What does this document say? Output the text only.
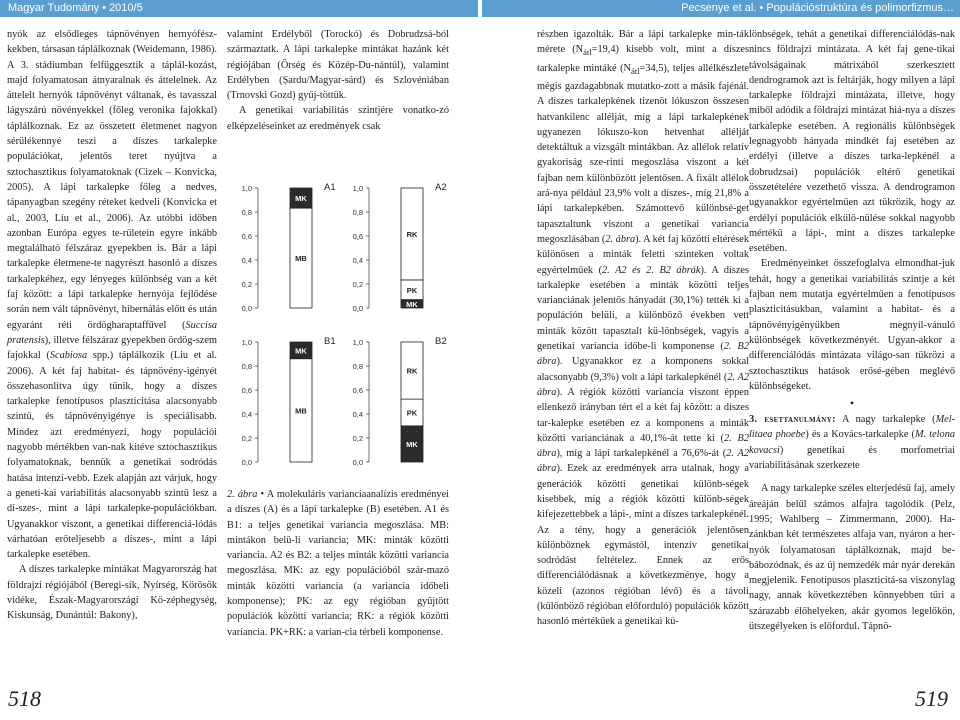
Magyar Tudomány • 2010/5	Pecsenye et al. • Populációstruktúra és polimorfizmus…

nyók az elsődleges tápnövényen hernyófész-kekben, társasan táplálkoznak (Weidemann, 1986). A 3. stádiumban felfüggesztik a táplál-kozást, majd folyamatosan átnyaralnak és áttelelnek. Az áttelelt hernyók tápnövényt váltanak, és tavasszal lágyszárú növényekkel (főleg veronika fajokkal) táplálkoznak. Ez az összetett életmenet nagyon sérülékennyé teszi a díszes tarkalepke populációkat, jelentős teret nyújtva a sztochasztikus folyamatoknak (Cizek – Konvicka, 2005). A lápi tarkalepke főleg a nedves, tápanyagban szegény réteket kedveli (Konvicka et al., 2003, Liu et al., 2006). Az utóbbi időben azonban Európa egyes te-rületein egyre inkább megtalálható félszáraz gyepekben is. Bár a lápi tarkalepke életmene-te nagyrészt hasonló a díszes tarkalepkéhez, egy lényeges különbség van a két faj között: a lápi tarkalepke hernyója fejlődése során nem vált tápnövényt, hibernálás előtt és után egyaránt réti ördögharaptaffűvel (Succisa pratensis), illetve félszáraz gyepekben ördög-szem fajokkal (Scabiosa spp.) táplálkozik (Liu et al. 2006). A két faj habitat- és tápnövény-igényét összehasonlítva úgy tűnik, hogy a díszes tarkalepke fenotípusos plaszticitása alacsonyabb szintű, és tápnövényigénye is speciálisabb. Mindez azt eredményezi, hogy populációi nagyobb mértékben van-nak kitéve sztochasztikus folyamatoknak, bennük a genetikai sodródás hatása intenzí-vebb. Ezek alapján azt várjuk, hogy a geneti-kai variabilitás alacsonyabb szintű lesz a dí-szes-, mint a lápi tarkalepke-populációkban. Ugyanakkor viszont, a genetikai differenciá-lódás várhatóan erőteljesebb a díszes-, mint a lápi tarkalepke esetében.

A díszes tarkalepke mintákat Magyarország hat földrajzi régiójából (Beregi-sík, Nyírség, Körösök vidéke, Észak-Magyarországi Kö-zéphegység, Kiskunság, Dunántúl: Bakony),

valamint Erdélyből (Torockó) és Dobrudzsá-ból származtatk. A lápi tarkalepke mintákat hazánk két régiójában (Őrség és Közép-Du-nántúl), valamint Erdélyben (Șardu/Magyar-sárd) és Szlovéniában (Trnovski Gozd) gyűj-töttük.

A genetikai variabilitás szintjére vonatko-zó elképzeléseinket az eredmények csak

0,0
0,2
0,4
0,6
0,8
1,0
MK
MB
A1
0,0
0,2
0,4
0,6
0,8
1,0
MK
PK
RK
A2
0,0
0,2
0,4
0,6
0,8
1,0
MK
MB
B1
0,0
0,2
0,4
0,6
0,8
1,0
MK
PK
RK
B2
2. ábra • A molekuláris varianciaanalízis eredményei a díszes (A) és a lápi tarkalepke (B) esetében. A1 és B1: a teljes genetikai variancia megoszlása. MB: mintákon belü-li variancia; MK: minták közötti variancia. A2 és B2: a teljes minták közötti variancia megoszlása. MK: az egy populációból szár-mazó minták közötti variancia (a variancia időbeli komponense); PK: az egy régióban gyűjtött populációk közötti variancia; RK: a régiók közötti variancia. PK+RK: a varian-cia térbeli komponense.

részben igazolták. Bár a lápi tarkalepke min-ták mérete $(N_{átl}=19,4)$ kisebb volt, mint a díszes tarkalepke mintáké $(N_{átl}=34,5)$, teljes allélkészlete mégis gazdagabbnak mutatko-zott a másik fajénál. A díszes tarkalepkének tizenöt lókuszon összesen hatvankilenc allélját, míg a lápi tarkalepkének ugyanezen lókuszo-kon hetvenhat allélját detektáltuk a vizsgált mintákban. Az allélok relatív gyakoriság sze-rinti megoszlása viszont a két fajban nem különbözött jelentősen. A fixált allélok ará-nya például 23,9% volt a díszes-, míg 21,8% a lápi tarkalepkében. Számottevő különbsé-get tapasztaltunk viszont a genetikai variancia megoszlásában (2. ábra). A két faj közötti eltérések különösen a minták feletti szinteken voltak egyértelműek (2. A2 és 2. B2 ábrák). A díszes tarkalepke esetében a minták közötti teljes varianciának jelentős hányadát (30,1%) tették ki a populáción belüli, a különböző években vett minták között tapasztalt kü-lönbségek, vagyis a genetikai variancia időbe-li komponense (2. B2 ábra). Ugyanakkor ez a komponens sokkal alacsonyabb (9,3%) volt a lápi tarkalepkénél (2. A2 ábra). A régiók közötti variancia viszont éppen ellenkező irányban tért el a két faj között: a díszes tar-kalepke esetében ez a komponens a minták közötti varianciának a 40,1%-át tette ki (2. B2 ábra), míg a lápi tarkalepkénél a 76,6%-át (2. A2 ábra). Ezek az eredmények arra utalnak, hogy a generációk közötti genetikai különb-ségek kisebbek, míg a régiók közötti különb-ségek kifejezettebbek a lápi-, mint a díszes tarkalepkénél. Az a tény, hogy a generációk jelentősen különböznek egymástól, intenzív genetikai sodródást feltételez. Ennek az erős differenciálódásnak a következménye, hogy a közeli (azonos régióban lévő) és a távoli (különböző régióban előforduló) populációk között hasonló mértékűek a genetikai kü-

lönbségek, tehát a genetikai differenciálódás-nak nincs földrajzi mintázata. A két faj gene-tikai távolságainak mátrixából szerkesztett dendrogramok azt is feltárják, hogy milyen a lápi tarkalepke földrajzi mintázata, illetve, hogy miből adódik a földrajzi mintázat hiá-nya a díszes tarkalepke esetében. A regionális különbségek legnagyobb hányada mindkét faj esetében az erdélyi (illetve a díszes tarka-lepkénél a dobrudzsai) populációk eltérő genetikai összetételére vezethető vissza. A dendrogramon ugyanakkor egyértelműen azt tükrözik, hogy az erdélyi populációk elkülö-nülése sokkal nagyobb mértékű a lápi-, mint a díszes tarkalepke esetében.

Eredményeinket összefoglalva elmondhat-juk tehát, hogy a genetikai variabilitás szintje a két fajban nem mutatja egyértelműen a fenotípusos plaszticitásukban, valamint a habitat- és a tápnövényigényükben megnyil-vánuló különbségek következményét. Ugyan-akkor a differenciálódás mintázata világo-san tükrözi a sztochasztikus hatások erősé-gében meglévő különbségeket.

•

3. esettanulmány: A nagy tarkalepke (Mel-litaea phoebe) és a Kovács-tarkalepke (M. telona kovacsi) genetikai és morfometriai variabilitásának szerkezete

A nagy tarkalepke széles elterjedésű faj, amely áreáján belül számos alfajra tagolódik (Pelz, 1995; Wahlberg – Zimmermann, 2000). Ha-zánkban két természetes alfaja van, nyáron a her-nyók folyamatosan táplálkoznak, majd be-bábozódnak, és az új nemzedék már nyár derekán megjelenik. Fenotípusos plaszticitá-sa viszonylag nagy, annak következtében könnyebben tűri a szárazabb élőhelyeken, akár gyomos legelőkön, ütszegélyeken is előfordul. Tápnö-

518	519
